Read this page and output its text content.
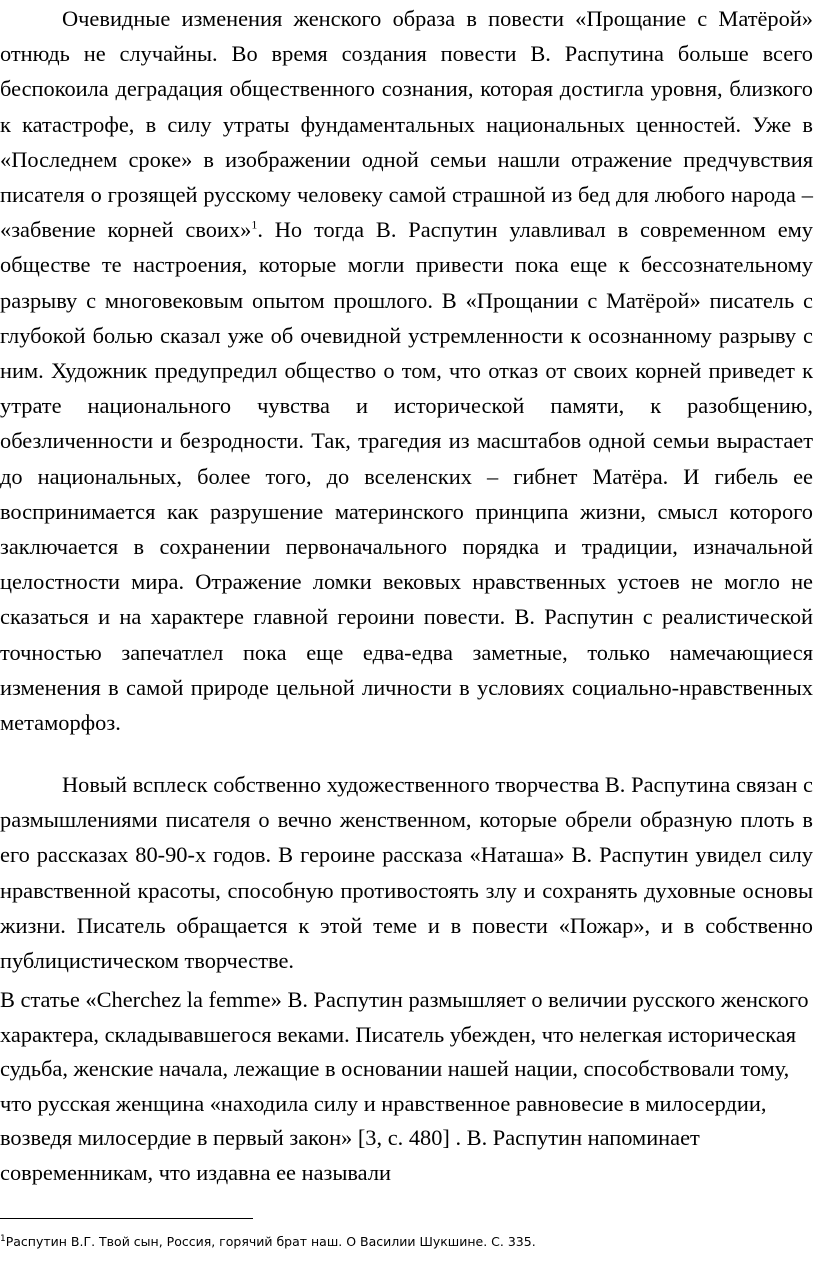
Очевидные изменения женского образа в повести «Прощание с Матёрой» отнюдь не случайны. Во время создания повести В. Распутина больше всего беспокоила деградация общественного сознания, которая достигла уровня, близкого к катастрофе, в силу утраты фундаментальных национальных ценностей. Уже в «Последнем сроке» в изображении одной семьи нашли отражение предчувствия писателя о грозящей русскому человеку самой страшной из бед для любого народа – «забвение корней своих»$^1$. Но тогда В. Распутин улавливал в современном ему обществе те настроения, которые могли привести пока еще к бессознательному разрыву с многовековым опытом прошлого. В «Прощании с Матёрой» писатель с глубокой болью сказал уже об очевидной устремленности к осознанному разрыву с ним. Художник предупредил общество о том, что отказ от своих корней приведет к утрате национального чувства и исторической памяти, к разобщению, обезличенности и безродности. Так, трагедия из масштабов одной семьи вырастает до национальных, более того, до вселенских – гибнет Матёра. И гибель ее воспринимается как разрушение материнского принципа жизни, смысл которого заключается в сохранении первоначального порядка и традиции, изначальной целостности мира. Отражение ломки вековых нравственных устоев не могло не сказаться и на характере главной героини повести. В. Распутин с реалистической точностью запечатлел пока еще едва-едва заметные, только намечающиеся изменения в самой природе цельной личности в условиях социально-нравственных метаморфоз.

Новый всплеск собственно художественного творчества В. Распутина связан с размышлениями писателя о вечно женственном, которые обрели образную плоть в его рассказах 80-90-х годов. В героине рассказа «Наташа» В. Распутин увидел силу нравственной красоты, способную противостоять злу и сохранять духовные основы жизни. Писатель обращается к этой теме и в повести «Пожар», и в собственно публицистическом творчестве.

В статье «Cherchez la femme» В. Распутин размышляет о величии русского женского характера, складывавшегося веками. Писатель убежден, что нелегкая историческая судьба, женские начала, лежащие в основании нашей нации, способствовали тому, что русская женщина «находила силу и нравственное равновесие в милосердии, возведя милосердие в первый закон» [3, с. 480] . В. Распутин напоминает современникам, что издавна ее называли

$^1$Распутин В.Г. Твой сын, Россия, горячий брат наш. О Василии Шукшине. С. 335.
